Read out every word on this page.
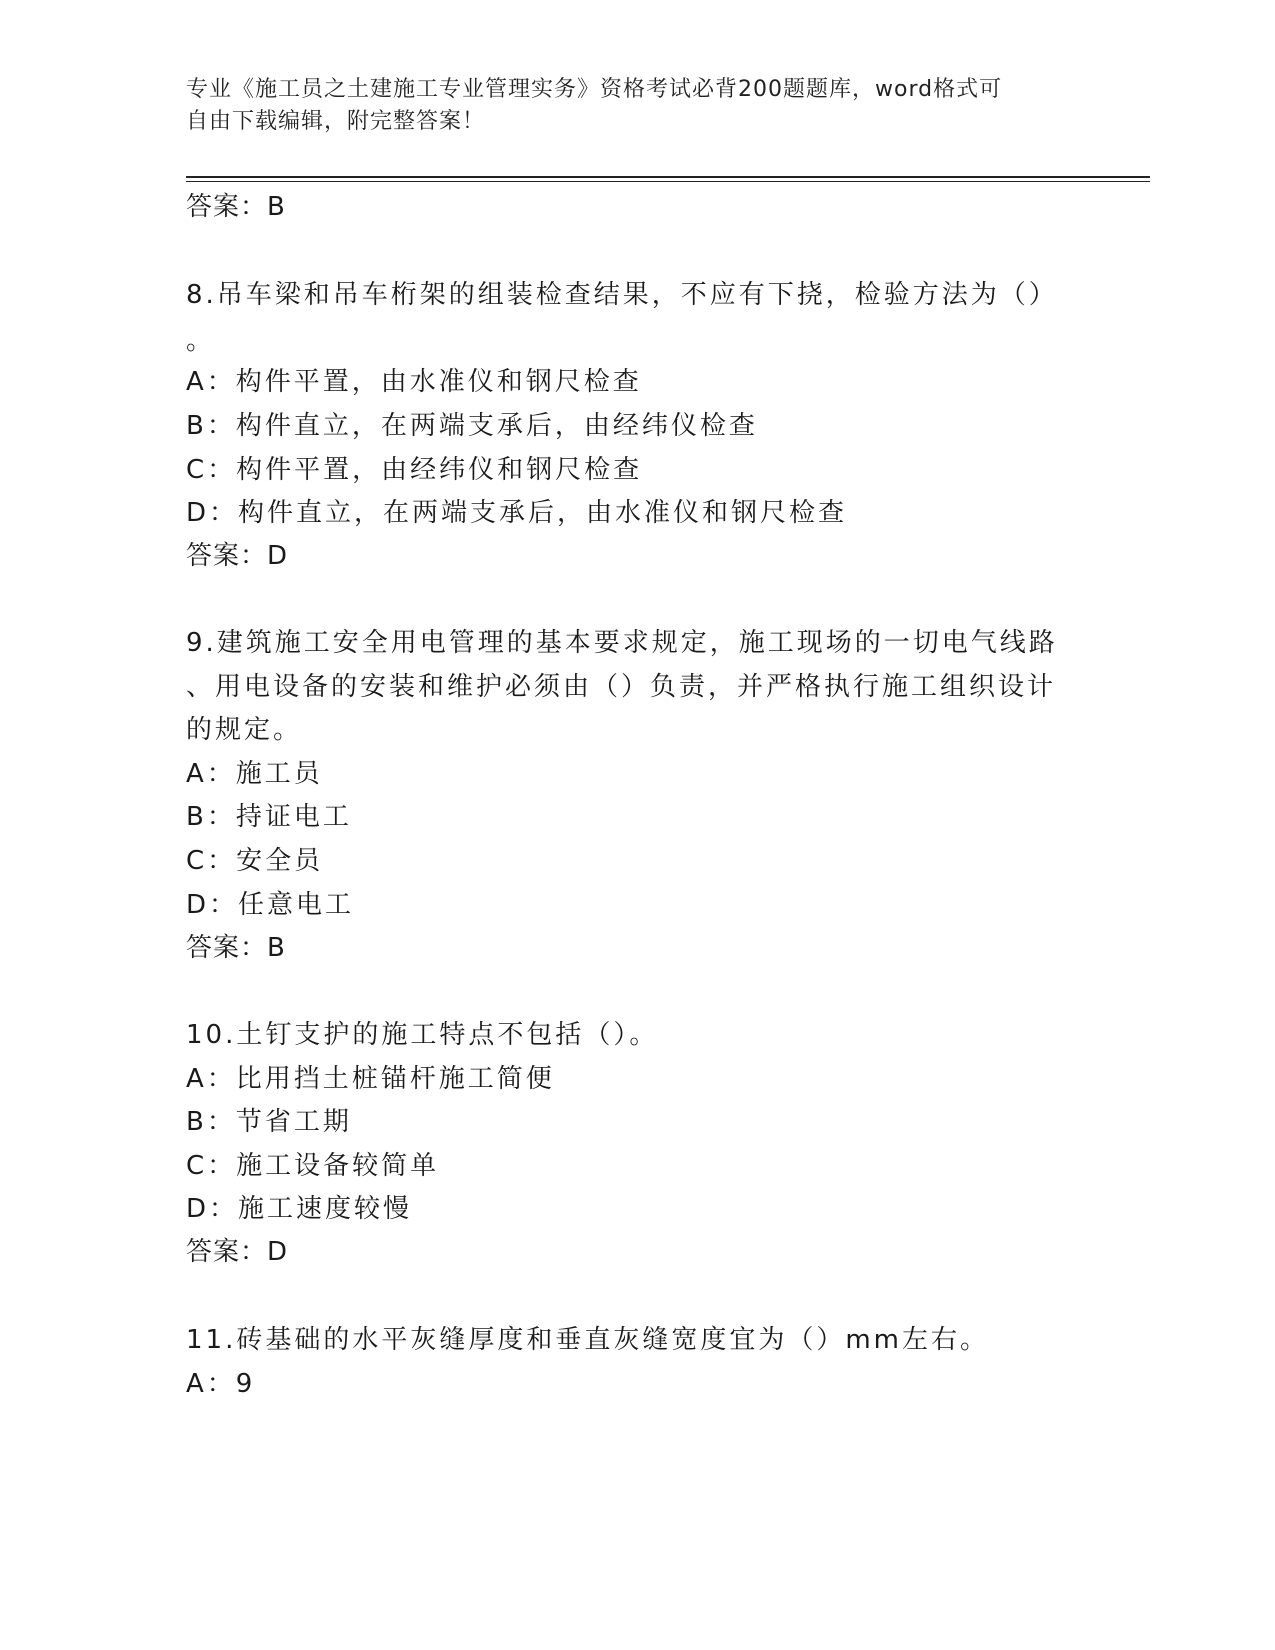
专业《施工员之土建施工专业管理实务》资格考试必背200题题库，word格式可
自由下载编辑，附完整答案！
答案：B
8.吊车梁和吊车桁架的组装检查结果，不应有下挠，检验方法为（）
。
A：构件平置，由水准仪和钢尺检查
B：构件直立，在两端支承后，由经纬仪检查
C：构件平置，由经纬仪和钢尺检查
D：构件直立，在两端支承后，由水准仪和钢尺检查
答案：D
9.建筑施工安全用电管理的基本要求规定，施工现场的一切电气线路
、用电设备的安装和维护必须由（）负责，并严格执行施工组织设计
的规定。
A：施工员
B：持证电工
C：安全员
D：任意电工
答案：B
10.土钉支护的施工特点不包括（）。
A：比用挡土桩锚杆施工简便
B：节省工期
C：施工设备较简单
D：施工速度较慢
答案：D
11.砖基础的水平灰缝厚度和垂直灰缝宽度宜为（）mm左右。
A：9
